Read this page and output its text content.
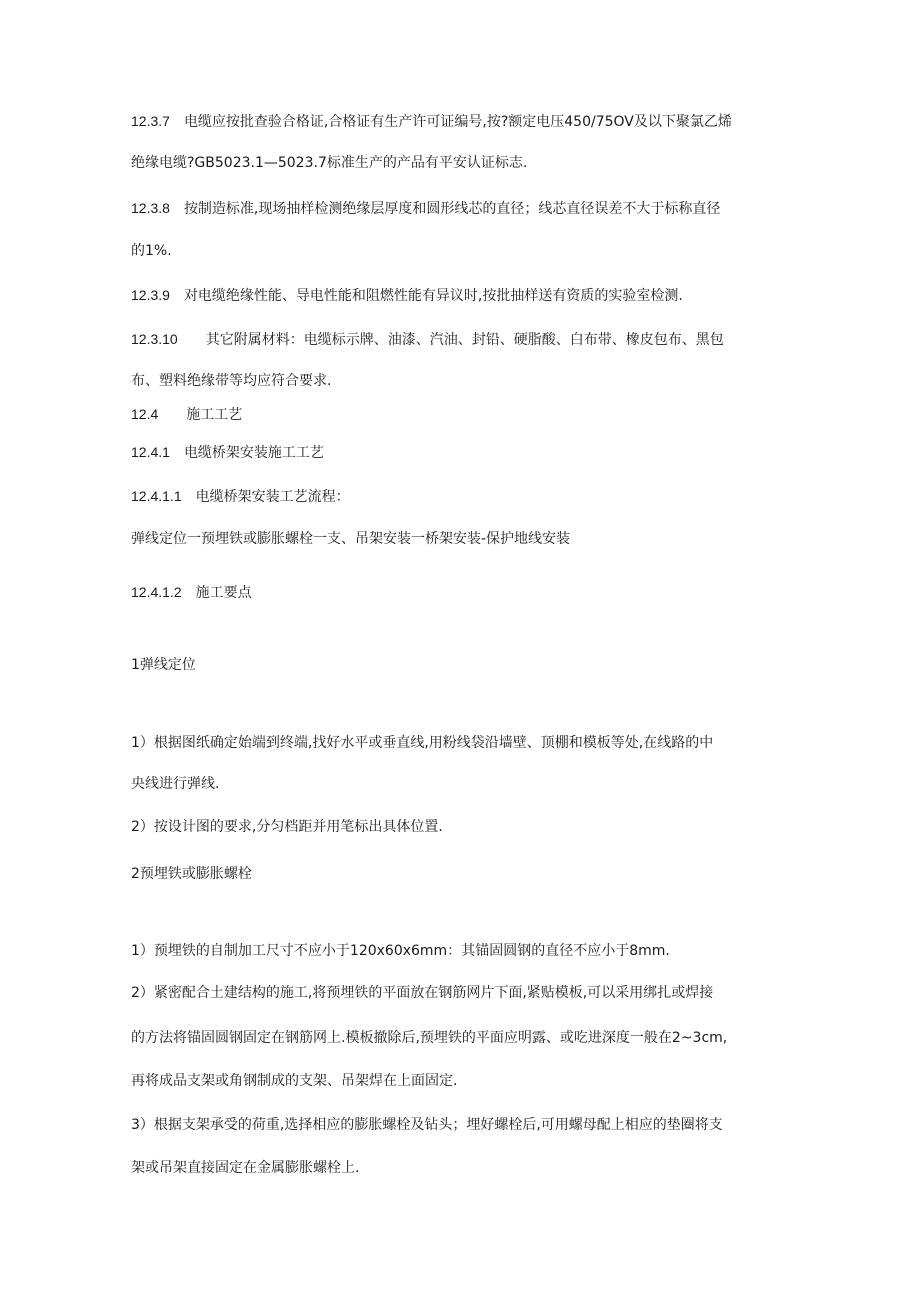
12.3.7 电缆应按批查验合格证,合格证有生产许可证编号,按?额定电压450/75OV及以下聚氯乙烯
绝缘电缆?GB5023.1—5023.7标准生产的产品有平安认证标志.
12.3.8 按制造标准,现场抽样检测绝缘层厚度和圆形线芯的直径；线芯直径误差不大于标称直径
的1%.
12.3.9 对电缆绝缘性能、导电性能和阻燃性能有异议时,按批抽样送有资质的实验室检测.
12.3.10 其它附属材料：电缆标示牌、油漆、汽油、封铅、硬脂酸、白布带、橡皮包布、黑包
布、塑料绝缘带等均应符合要求.
12.4 施工工艺
12.4.1 电缆桥架安装施工工艺
12.4.1.1 电缆桥架安装工艺流程：
弹线定位一预埋铁或膨胀螺栓一支、吊架安装一桥架安装-保护地线安装
12.4.1.2 施工要点
1弹线定位
1）根据图纸确定始端到终端,找好水平或垂直线,用粉线袋沿墙壁、顶棚和模板等处,在线路的中
央线进行弹线.
2）按设计图的要求,分匀档距并用笔标出具体位置.
2预埋铁或膨胀螺栓
1）预埋铁的自制加工尺寸不应小于120x60x6mm：其锚固圆钢的直径不应小于8mm.
2）紧密配合土建结构的施工,将预埋铁的平面放在钢筋网片下面,紧贴模板,可以采用绑扎或焊接
的方法将锚固圆钢固定在钢筋网上.模板撤除后,预埋铁的平面应明露、或吃进深度一般在2~3cm,
再将成品支架或角钢制成的支架、吊架焊在上面固定.
3）根据支架承受的荷重,选择相应的膨胀螺栓及钻头；埋好螺栓后,可用螺母配上相应的垫圈将支
架或吊架直接固定在金属膨胀螺栓上.
